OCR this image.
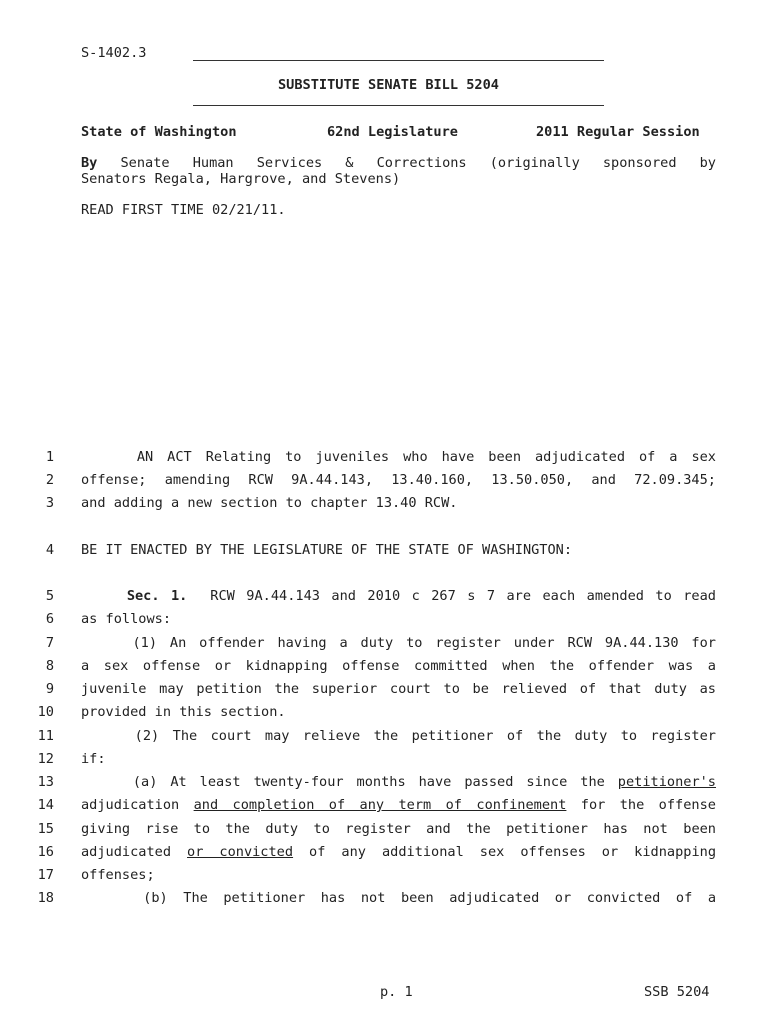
S-1402.3
SUBSTITUTE SENATE BILL 5204
State of Washington	62nd Legislature	2011 Regular Session
By Senate Human Services & Corrections (originally sponsored by
Senators Regala, Hargrove, and Stevens)
READ FIRST TIME 02/21/11.
1 AN ACT Relating to juveniles who have been adjudicated of a sex
2 offense; amending RCW 9A.44.143, 13.40.160, 13.50.050, and 72.09.345;
3 and adding a new section to chapter 13.40 RCW.
4 BE IT ENACTED BY THE LEGISLATURE OF THE STATE OF WASHINGTON:
5	Sec. 1.  RCW 9A.44.143 and 2010 c 267 s 7 are each amended to read
6 as follows:
7 (1) An offender having a duty to register under RCW 9A.44.130 for
8 a sex offense or kidnapping offense committed when the offender was a
9 juvenile may petition the superior court to be relieved of that duty as
10 provided in this section.
11 (2) The court may relieve the petitioner of the duty to register
12 if:
13 (a) At least twenty-four months have passed since the petitioner's
14 adjudication and completion of any term of confinement for the offense
15 giving rise to the duty to register and the petitioner has not been
16 adjudicated or convicted of any additional sex offenses or kidnapping
17 offenses;
18 (b) The petitioner has not been adjudicated or convicted of a
p. 1	SSB 5204
